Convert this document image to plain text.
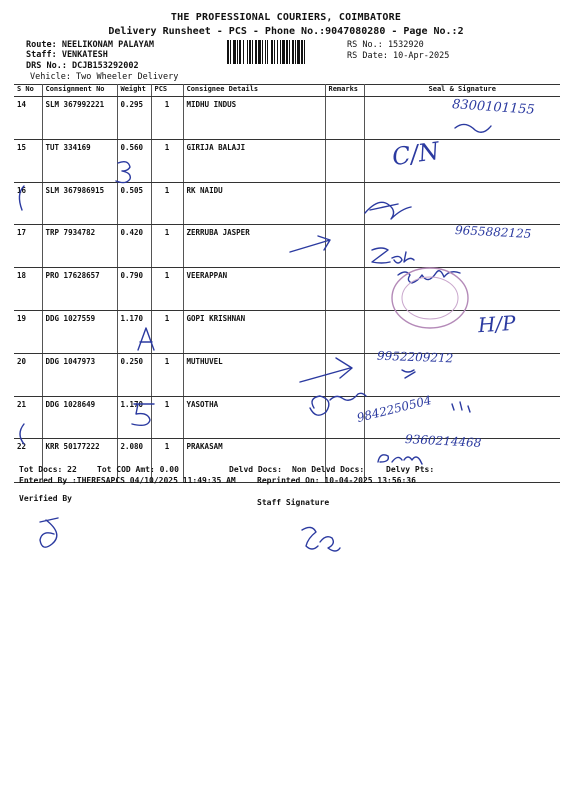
THE PROFESSIONAL COURIERS, COIMBATORE
Delivery Runsheet - PCS - Phone No.:9047080280 - Page No.:2
Route: NEELIKONAM PALAYAM
Staff: VENKATESH
DRS No.: DCJB153292002
Vehicle: Two Wheeler Delivery
RS No.: 1532920
RS Date: 10-Apr-2025
S No	Consignment No	Weight	PCS	Consignee Details	Remarks	Seal & Signature
14	SLM 367992221	0.295	1	MIDHU INDUS		
15	TUT 334169	0.560	1	GIRIJA BALAJI		
16	SLM 367986915	0.505	1	RK NAIDU		
17	TRP 7934782	0.420	1	ZERRUBA JASPER		
18	PRO 17628657	0.790	1	VEERAPPAN		
19	DDG 1027559	1.170	1	GOPI KRISHNAN		
20	DDG 1047973	0.250	1	MUTHUVEL		
21	DDG 1028649	1.170	1	YASOTHA		
22	KRR 50177222	2.080	1	PRAKASAM		
8300101155
C/N
9655882125
H/P
9952209212
9842250504
9360214468
Tot Docs: 22	Tot COD Amt: 0.00	Delvd Docs: Non Delvd Docs:	Delvy Pts:
Entered By :THERESAPCS 04/10/2025 11:49:35 AM	Reprinted On: 10-04-2025 13:56:36
Verified By	Staff Signature
